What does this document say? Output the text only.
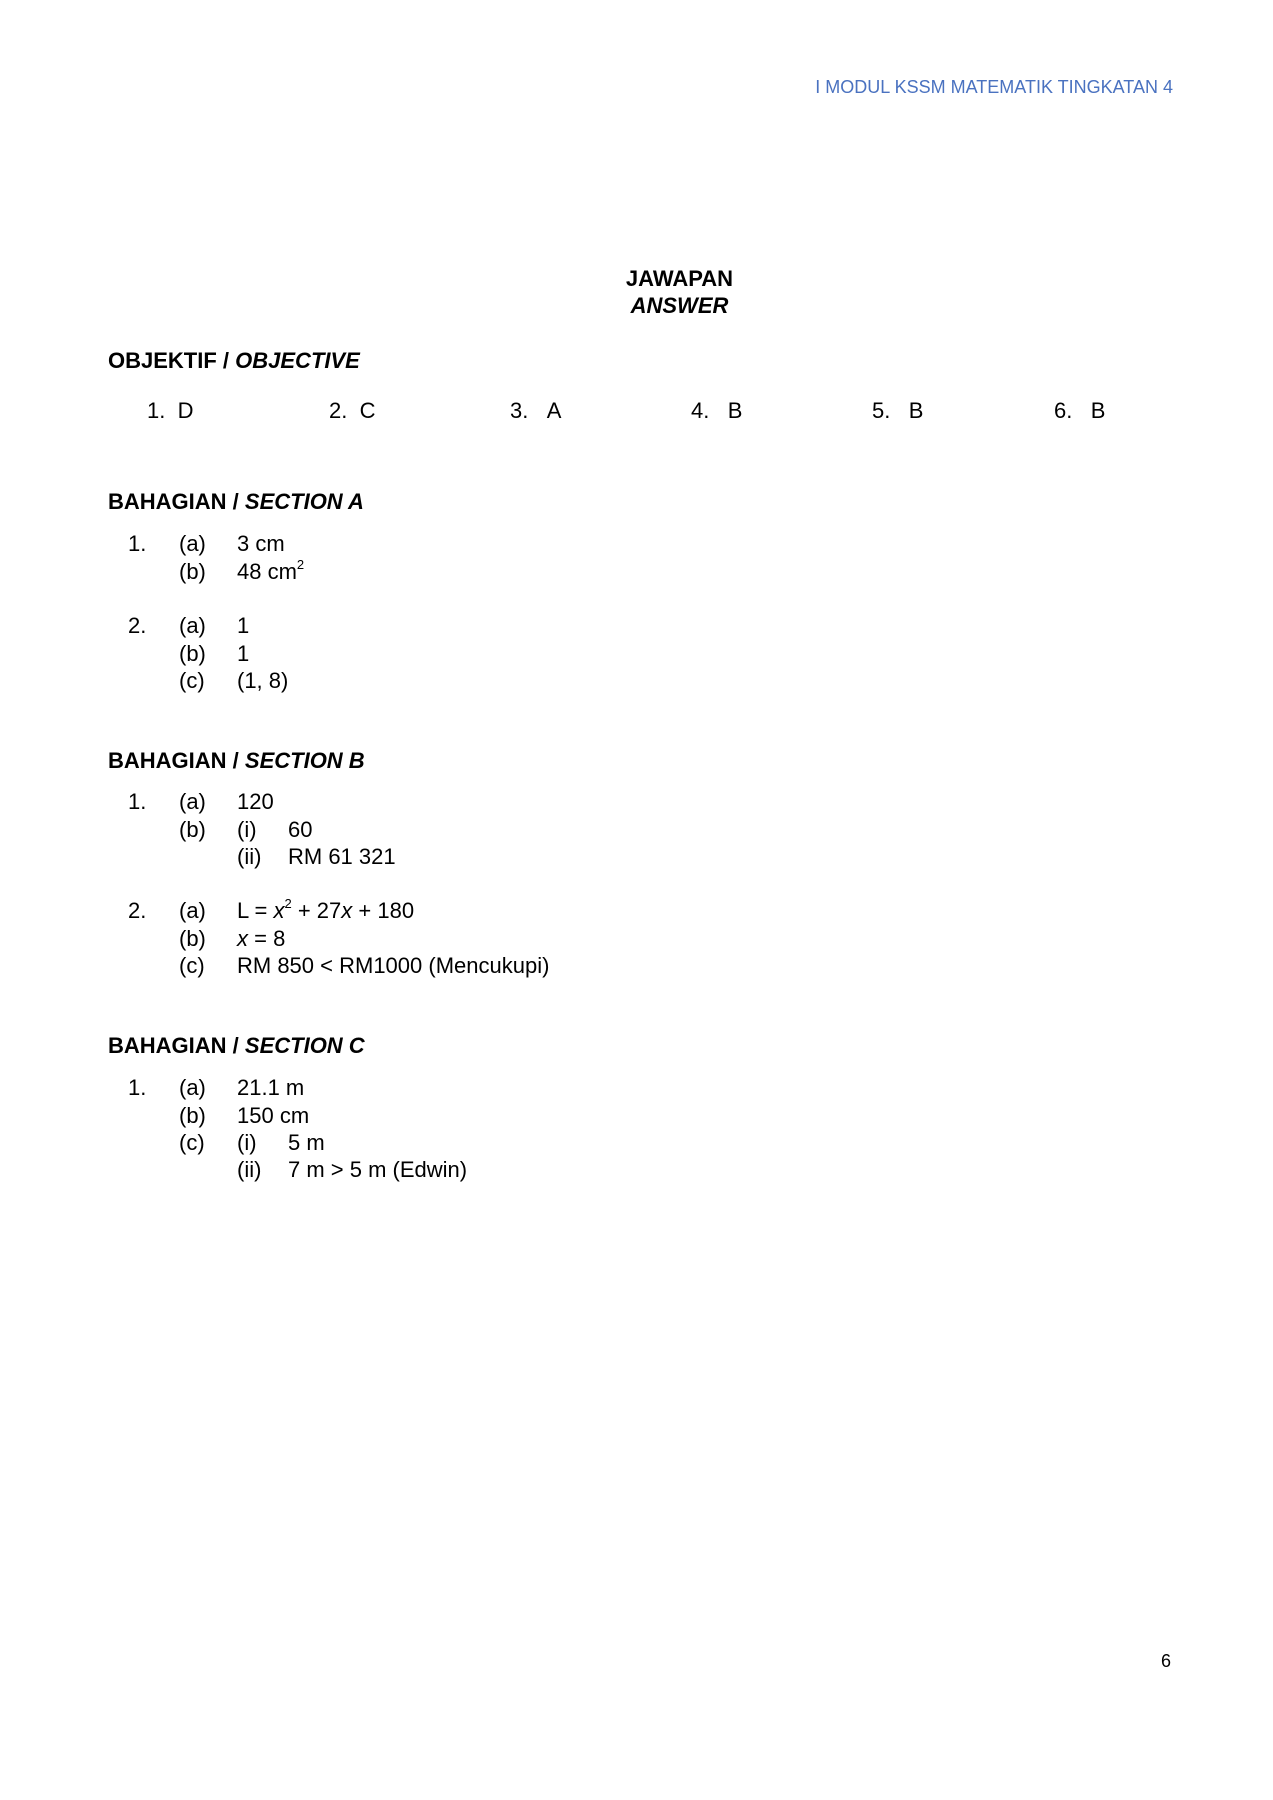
I MODUL KSSM MATEMATIK TINGKATAN 4
JAWAPAN
ANSWER
OBJEKTIF / OBJECTIVE
1. D	2. C	3. A	4. B	5. B	6. B
BAHAGIAN / SECTION A
1. (a) 3 cm
(b) 48 $cm^2$
2. (a) 1
(b) 1
(c) (1, 8)
BAHAGIAN / SECTION B
1. (a) 120
(b) (i) 60
(ii) RM 61 321
2. (a) $L = x^2 + 27x + 180$
(b) x = 8
(c) RM 850 < RM1000 (Mencukupi)
BAHAGIAN / SECTION C
1. (a) 21.1 m
(b) 150 cm
(c) (i) 5 m
(ii) 7 m > 5 m (Edwin)
6
